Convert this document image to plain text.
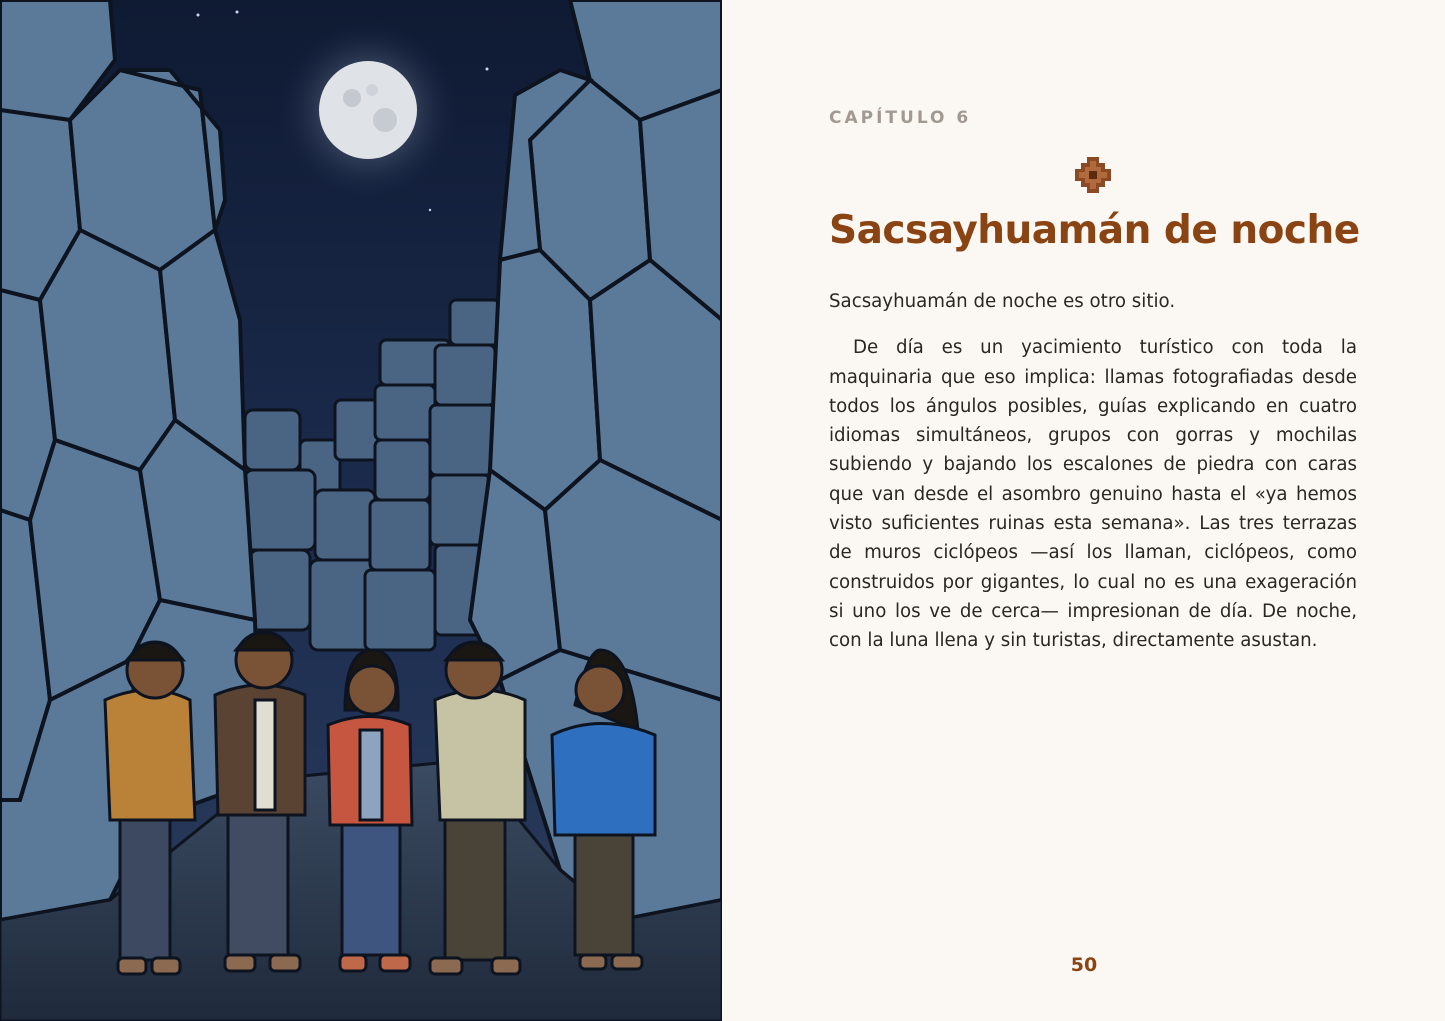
CAPÍTULO 6
Sacsayhuamán de noche

Sacsayhuamán de noche es otro sitio.

De día es un yacimiento turístico con toda la maquinaria que eso implica: llamas fotografiadas desde todos los ángulos posibles, guías explicando en cuatro idiomas simultáneos, grupos con gorras y mochilas subiendo y bajando los escalones de piedra con caras que van desde el asombro genuino hasta el «ya hemos visto suficientes ruinas esta semana». Las tres terrazas de muros ciclópeos —así los llaman, ciclópeos, como construidos por gigantes, lo cual no es una exageración si uno los ve de cerca— impresionan de día. De noche, con la luna llena y sin turistas, directamente asustan.

50
